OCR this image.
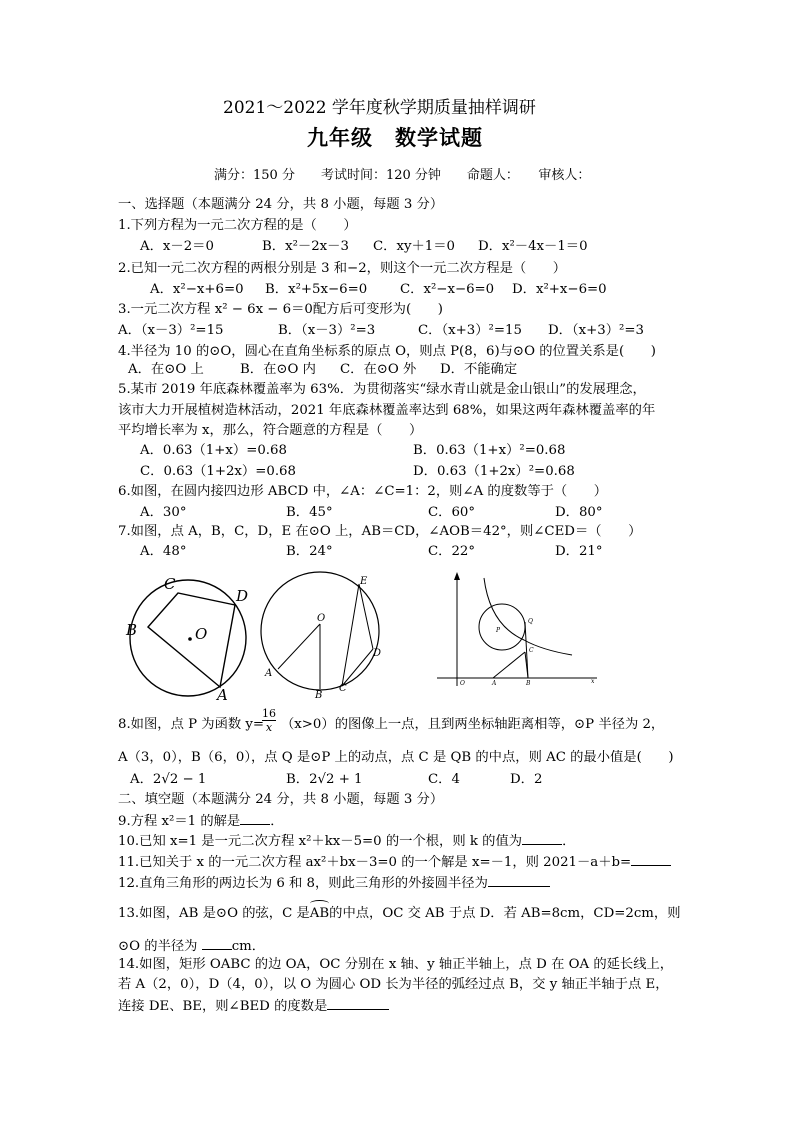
2021～2022 学年度秋学期质量抽样调研
九年级　数学试题
满分：150 分　　考试时间：120 分钟　　命题人：　　审核人：
一、选择题（本题满分 24 分，共 8 小题，每题 3 分）
1.下列方程为一元二次方程的是（　　）
A．x－2＝0	B．x²－2x－3 C．xy＋1＝0 D．x²－4x－1＝0
2.已知一元二次方程的两根分别是 3 和−2，则这个一元二次方程是（　　）
A．x²−x+6=0 B．x²+5x−6=0 C．x²−x−6=0 D．x²+x−6=0
3.一元二次方程 x² − 6x − 6＝0配方后可变形为(　　)
A．（x－3）²=15	B．（x－3）²=3	C．（x+3）²=15 D．（x+3）²=3
4.半径为 10 的⊙O，圆心在直角坐标系的原点 O，则点 P(8，6)与⊙O 的位置关系是(　　)
A．在⊙O 上	B．在⊙O 内 C．在⊙O 外 D．不能确定
5.某市 2019 年底森林覆盖率为 63%．为贯彻落实“绿水青山就是金山银山”的发展理念，
该市大力开展植树造林活动，2021 年底森林覆盖率达到 68%，如果这两年森林覆盖率的年
平均增长率为 x，那么，符合题意的方程是（　　）
A．0.63（1+x）=0.68	B．0.63（1+x）²=0.68
C．0.63（1+2x）=0.68	D．0.63（1+2x）²=0.68
6.如图，在圆内接四边形 ABCD 中，∠A：∠C=1：2，则∠A 的度数等于（　　）
A．30°	B．45°	C．60°	D．80°
7.如图，点 A，B，C，D，E 在⊙O 上，AB＝CD，∠AOB＝42°，则∠CED＝（　　）
A．48°	B．24°	C．22°	D．21°
C
D
B	O
A
E
O
D
A
B
C
P
Q
C
O	A	B	x
8.如图，点 P 为函数 y=
16
x （x>0）的图像上一点，且到两坐标轴距离相等，⊙P 半径为 2，
A（3，0），B（6，0），点 Q 是⊙P 上的动点，点 C 是 QB 的中点，则 AC 的最小值是(　　)
A．2√2 − 1	B．2√2 + 1	C．4	D．2
二、填空题（本题满分 24 分，共 8 小题，每题 3 分）
9.方程 x²＝1 的解是 ．
10.已知 x=1 是一元二次方程 x²＋kx－5=0 的一个根，则 k 的值为	．
11.已知关于 x 的一元二次方程 ax²＋bx－3=0 的一个解是 x=－1，则 2021－a＋b=
12.直角三角形的两边长为 6 和 8，则此三角形的外接圆半径为
13.如图，AB 是⊙O 的弦，C 是
AB的中点，OC 交 AB 于点 D．若 AB=8cm，CD=2cm，则
⊙O 的半径为 cm．
14.如图，矩形 OABC 的边 OA，OC 分别在 x 轴、y 轴正半轴上，点 D 在 OA 的延长线上，
若 A（2，0），D（4，0），以 O 为圆心 OD 长为半径的弧经过点 B，交 y 轴正半轴于点 E，
连接 DE、BE，则∠BED 的度数是
